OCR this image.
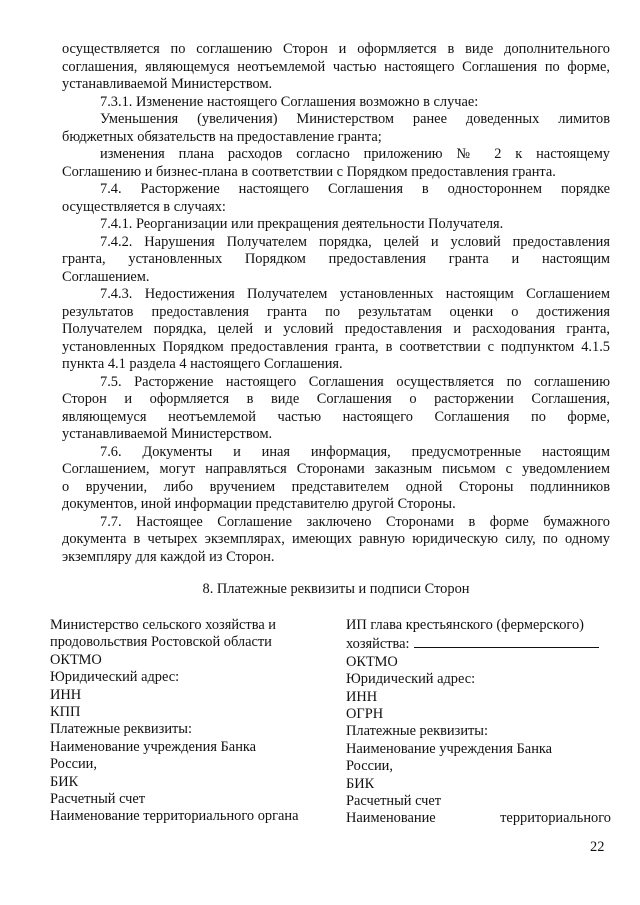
осуществляется по соглашению Сторон и оформляется в виде дополнительного

соглашения, являющемуся неотъемлемой частью настоящего Соглашения по форме,

устанавливаемой Министерством.

7.3.1. Изменение настоящего Соглашения возможно в случае:

Уменьшения (увеличения) Министерством ранее доведенных лимитов

бюджетных обязательств на предоставление гранта;

изменения плана расходов согласно приложению № 2 к настоящему

Соглашению и бизнес-плана в соответствии с Порядком предоставления гранта.

7.4. Расторжение настоящего Соглашения в одностороннем порядке

осуществляется в случаях:

7.4.1. Реорганизации или прекращения деятельности Получателя.

7.4.2. Нарушения Получателем порядка, целей и условий предоставления

гранта, установленных Порядком предоставления гранта и настоящим

Соглашением.

7.4.3. Недостижения Получателем установленных настоящим Соглашением

результатов предоставления гранта по результатам оценки о достижения

Получателем порядка, целей и условий предоставления и расходования гранта,

установленных Порядком предоставления гранта, в соответствии с подпунктом 4.1.5

пункта 4.1 раздела 4 настоящего Соглашения.

7.5. Расторжение настоящего Соглашения осуществляется по соглашению

Сторон и оформляется в виде Соглашения о расторжении Соглашения,

являющемуся неотъемлемой частью настоящего Соглашения по форме,

устанавливаемой Министерством.

7.6. Документы и иная информация, предусмотренные настоящим

Соглашением, могут направляться Сторонами заказным письмом с уведомлением

о вручении, либо вручением представителем одной Стороны подлинников

документов, иной информации представителю другой Стороны.

7.7. Настоящее Соглашение заключено Сторонами в форме бумажного

документа в четырех экземплярах, имеющих равную юридическую силу, по одному

экземпляру для каждой из Сторон.

8. Платежные реквизиты и подписи Сторон

Министерство сельского хозяйства и

продовольствия Ростовской области

ОКТМО

Юридический адрес:

ИНН

КПП

Платежные реквизиты:

Наименование учреждения Банка

России,

БИК

Расчетный счет

Наименование территориального органа

ИП глава крестьянского (фермерского)

хозяйства:

ОКТМО

Юридический адрес:

ИНН

ОГРН

Платежные реквизиты:

Наименование учреждения Банка

России,

БИК

Расчетный счет

Наименование	территориального

22
